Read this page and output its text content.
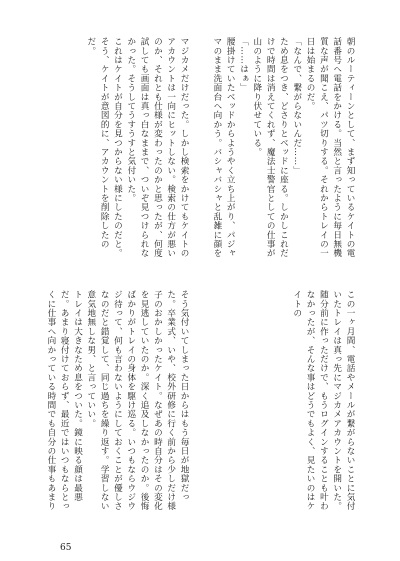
朝のルーティーンとして、まず知っているケイトの電話番号へ電話をかける。当然と言ったように毎日無機質な声が聞こえ、パツ切りする。それからトレイの一日は始まるのだ。

「なんで、繋がらないんだ……」

ため息をつき、どさりとベッドに座る。しかしこれだけで時間は消えてくれず、魔法士警官としての仕事が山のように降り伏せている。

「……はぁ」

腰掛けていたベッドからようやく立ち上がり、パジャマのまま洗面台へ向かう。バシャバシャと乱雑に顔を

この一ヶ月間、電話やメールが繋がらないことに気付いたトレイは真っ先にマジカメアカウントを開いた。随分前に作っただけで、もうログインすることも叶わなかったが、そんな事はどうでもよく、見たいのはケイトの

マジカメだけだった。しかし検索をかけてもケイトのアカウントは一向にヒットしない。検索の仕方が悪いのか、それとも仕様が変わったのかと思ったが、何度試しても画面は真っ白なままで、ついぞ見つけられなかった。そうしてうすうすと気付いた。

これはケイトが自分を見つからない様にしたのだと。そう、ケイトが意図的に、アカウントを削除したのだ。

そう気付いてしまった日からはもう毎日が地獄だった。卒業式、いや、校外研修に行く前から少しだけ様子のおかしかったケイト。なぜあの時自分はその変化を見逃していたのか。深く追及しなかったのか。後悔ばかりがトレイの身体を駆け巡る。いつもならウジウジ待って、何も言わないようにしておくことが優しさなのだと錯覚して、同じ過ちを繰り返す。学習しない意気地無しな男、と言っていい。

トレイは大きなため息をついた。鏡に映る顔は最悪だ。あまり寝付けておらず、最近ではいつもならとっくに仕事へ向かっている時間でも自分の仕事もあまり

65
